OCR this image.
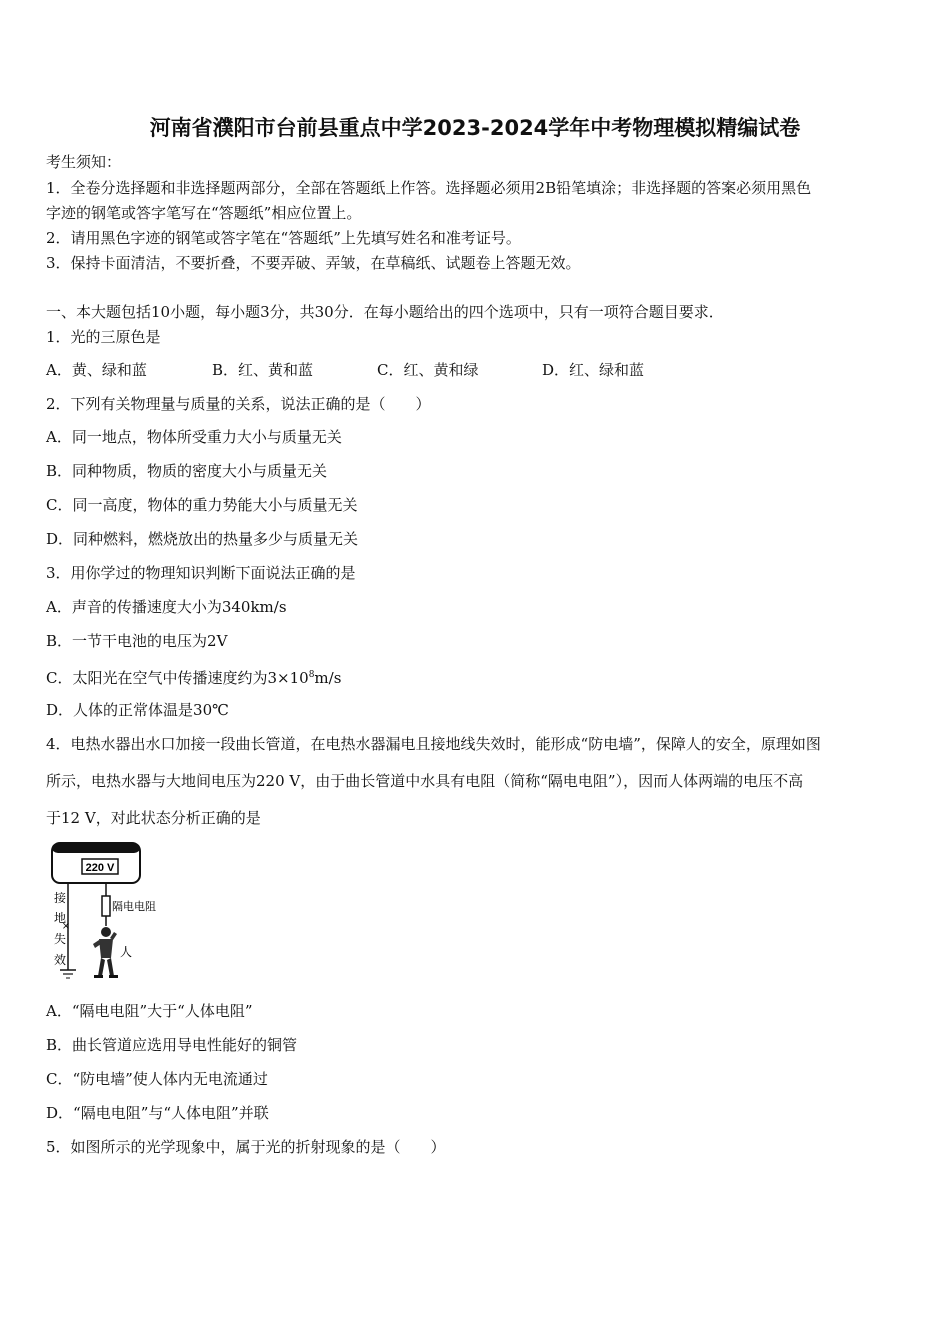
河南省濮阳市台前县重点中学2023-2024学年中考物理模拟精编试卷
考生须知：
1．全卷分选择题和非选择题两部分，全部在答题纸上作答。选择题必须用2B铅笔填涂；非选择题的答案必须用黑色
字迹的钢笔或答字笔写在“答题纸”相应位置上。
2．请用黑色字迹的钢笔或答字笔在“答题纸”上先填写姓名和准考证号。
3．保持卡面清洁，不要折叠，不要弄破、弄皱，在草稿纸、试题卷上答题无效。
一、本大题包括10小题，每小题3分，共30分．在每小题给出的四个选项中，只有一项符合题目要求．
1．光的三原色是
A．黄、绿和蓝	B．红、黄和蓝	C．红、黄和绿	D．红、绿和蓝
2．下列有关物理量与质量的关系，说法正确的是（　　）
A．同一地点，物体所受重力大小与质量无关
B．同种物质，物质的密度大小与质量无关
C．同一高度，物体的重力势能大小与质量无关
D．同种燃料，燃烧放出的热量多少与质量无关
3．用你学过的物理知识判断下面说法正确的是
A．声音的传播速度大小为340km/s
B．一节干电池的电压为2V
C．太阳光在空气中传播速度约为$3\times 10^8m/s$
D．人体的正常体温是30℃
4．电热水器出水口加接一段曲长管道，在电热水器漏电且接地线失效时，能形成“防电墙”，保障人的安全，原理如图
所示，电热水器与大地间电压为220 V，由于曲长管道中水具有电阻（简称“隔电电阻”），因而人体两端的电压不高
于12 V，对此状态分析正确的是
220 V
×
接
地
失
效
隔电电阻
人
A．“隔电电阻”大于“人体电阻”
B．曲长管道应选用导电性能好的铜管
C．“防电墙”使人体内无电流通过
D．“隔电电阻”与“人体电阻”并联
5．如图所示的光学现象中，属于光的折射现象的是（　　）
